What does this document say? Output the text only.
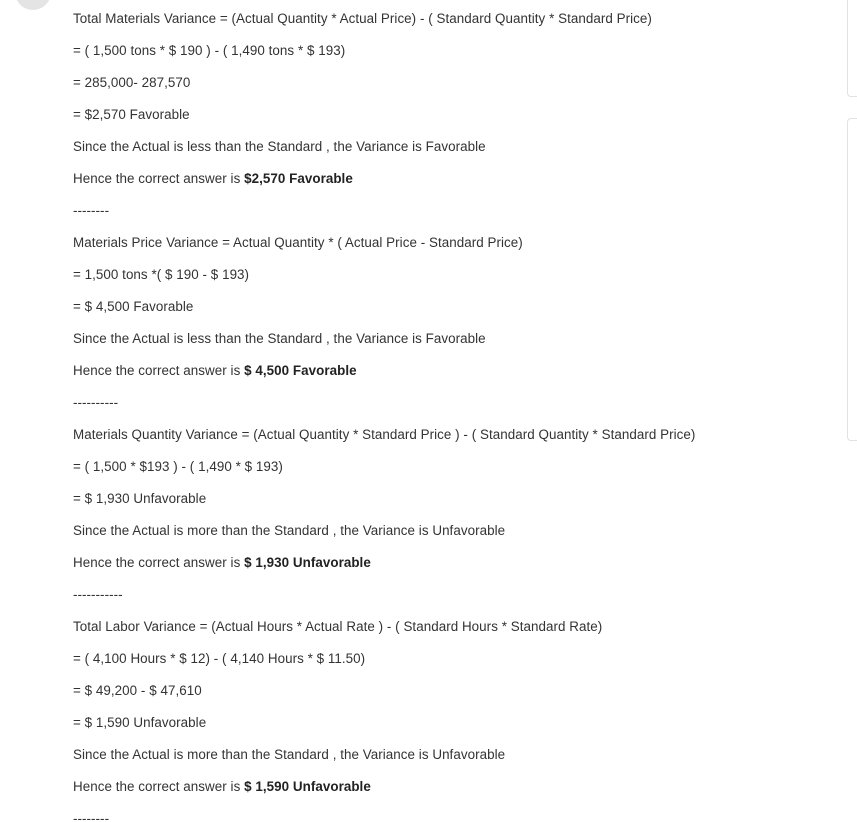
Total Materials Variance = (Actual Quantity * Actual Price) - ( Standard Quantity * Standard Price)
= ( 1,500 tons * $ 190 ) - ( 1,490 tons * $ 193)
= 285,000- 287,570
= $2,570 Favorable
Since the Actual is less than the Standard , the Variance is Favorable
Hence the correct answer is $2,570 Favorable
--------
Materials Price Variance = Actual Quantity * ( Actual Price - Standard Price)
= 1,500 tons *( $ 190 - $ 193)
= $ 4,500 Favorable
Since the Actual is less than the Standard , the Variance is Favorable
Hence the correct answer is $ 4,500 Favorable
----------
Materials Quantity Variance = (Actual Quantity * Standard Price ) - ( Standard Quantity * Standard Price)
= ( 1,500 * $193 ) - ( 1,490 * $ 193)
= $ 1,930 Unfavorable
Since the Actual is more than the Standard , the Variance is Unfavorable
Hence the correct answer is $ 1,930 Unfavorable
-----------
Total Labor Variance = (Actual Hours * Actual Rate ) - ( Standard Hours * Standard Rate)
= ( 4,100 Hours * $ 12) - ( 4,140 Hours * $ 11.50)
= $ 49,200 - $ 47,610
= $ 1,590 Unfavorable
Since the Actual is more than the Standard , the Variance is Unfavorable
Hence the correct answer is $ 1,590 Unfavorable
--------
